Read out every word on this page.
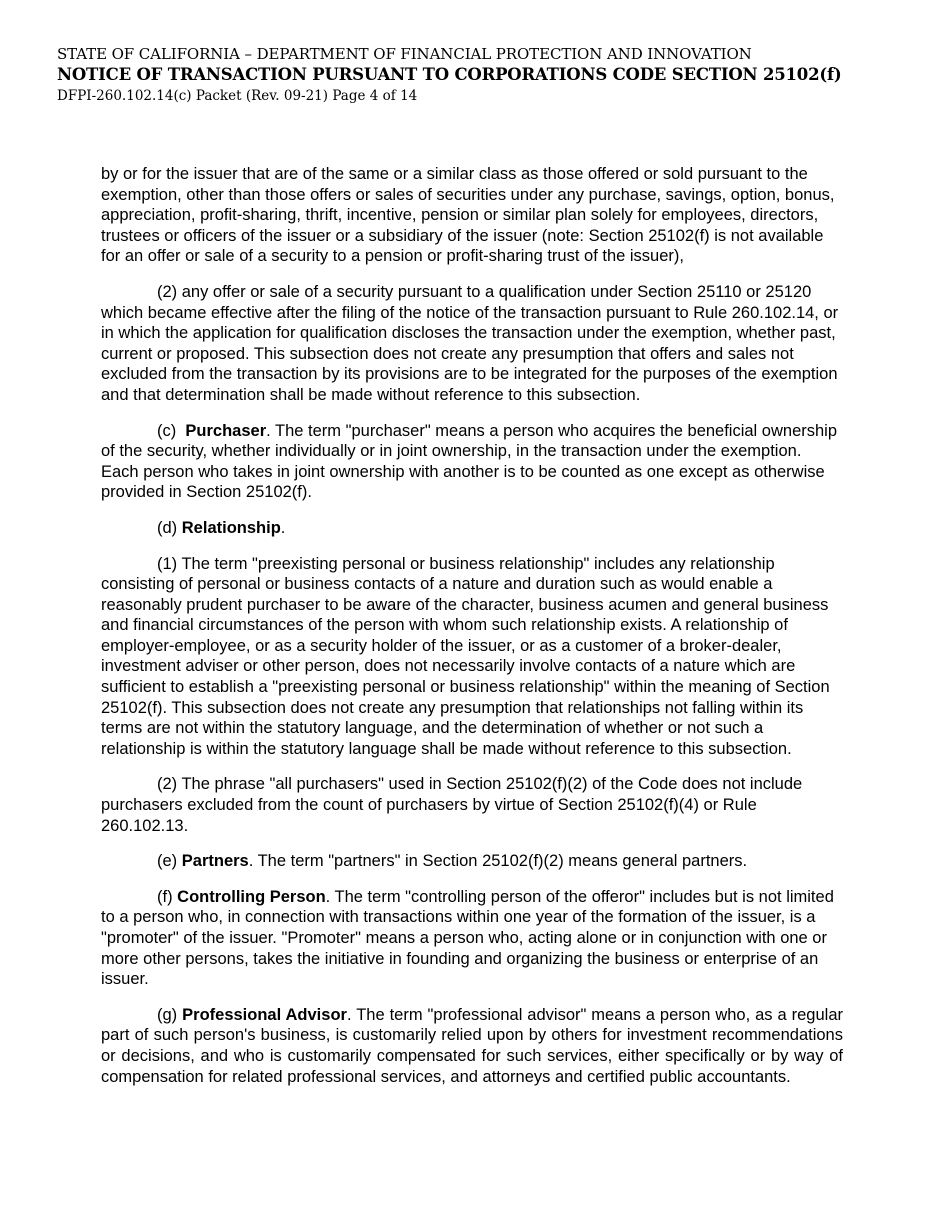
STATE OF CALIFORNIA – DEPARTMENT OF FINANCIAL PROTECTION AND INNOVATION
NOTICE OF TRANSACTION PURSUANT TO CORPORATIONS CODE SECTION 25102(f)
DFPI-260.102.14(c) Packet (Rev. 09-21) Page 4 of 14

by or for the issuer that are of the same or a similar class as those offered or sold pursuant to the exemption, other than those offers or sales of securities under any purchase, savings, option, bonus, appreciation, profit-sharing, thrift, incentive, pension or similar plan solely for employees, directors, trustees or officers of the issuer or a subsidiary of the issuer (note: Section 25102(f) is not available for an offer or sale of a security to a pension or profit-sharing trust of the issuer),

(2) any offer or sale of a security pursuant to a qualification under Section 25110 or 25120 which became effective after the filing of the notice of the transaction pursuant to Rule 260.102.14, or in which the application for qualification discloses the transaction under the exemption, whether past, current or proposed. This subsection does not create any presumption that offers and sales not excluded from the transaction by its provisions are to be integrated for the purposes of the exemption and that determination shall be made without reference to this subsection.

(c) Purchaser. The term "purchaser" means a person who acquires the beneficial ownership of the security, whether individually or in joint ownership, in the transaction under the exemption. Each person who takes in joint ownership with another is to be counted as one except as otherwise provided in Section 25102(f).

(d) Relationship.

(1) The term "preexisting personal or business relationship" includes any relationship consisting of personal or business contacts of a nature and duration such as would enable a reasonably prudent purchaser to be aware of the character, business acumen and general business and financial circumstances of the person with whom such relationship exists. A relationship of employer-employee, or as a security holder of the issuer, or as a customer of a broker-dealer, investment adviser or other person, does not necessarily involve contacts of a nature which are sufficient to establish a "preexisting personal or business relationship" within the meaning of Section 25102(f). This subsection does not create any presumption that relationships not falling within its terms are not within the statutory language, and the determination of whether or not such a relationship is within the statutory language shall be made without reference to this subsection.

(2) The phrase "all purchasers" used in Section 25102(f)(2) of the Code does not include purchasers excluded from the count of purchasers by virtue of Section 25102(f)(4) or Rule 260.102.13.

(e) Partners. The term "partners" in Section 25102(f)(2) means general partners.

(f) Controlling Person. The term "controlling person of the offeror" includes but is not limited to a person who, in connection with transactions within one year of the formation of the issuer, is a "promoter" of the issuer. "Promoter" means a person who, acting alone or in conjunction with one or more other persons, takes the initiative in founding and organizing the business or enterprise of an issuer.

(g) Professional Advisor. The term "professional advisor" means a person who, as a regular part of such person's business, is customarily relied upon by others for investment recommendations or decisions, and who is customarily compensated for such services, either specifically or by way of compensation for related professional services, and attorneys and certified public accountants.
